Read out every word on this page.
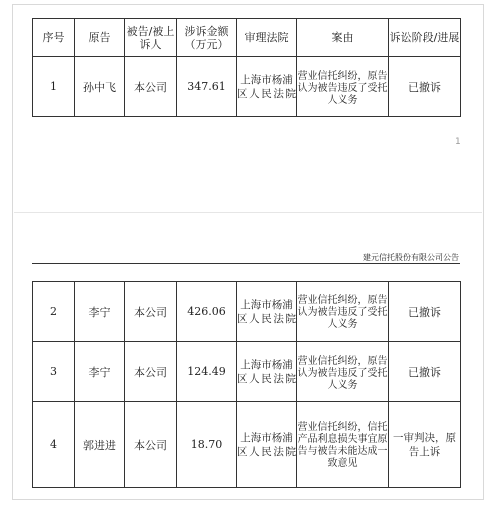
序号	原告	被告/被上诉人	涉诉金额（万元）	审理法院	案由	诉讼阶段/进展
1	孙中飞	本公司	347.61	上海市杨浦区人民法院	营业信托纠纷，原告认为被告违反了受托人义务	已撤诉
1
建元信托股份有限公司公告
2	李宁	本公司	426.06	上海市杨浦区人民法院	营业信托纠纷，原告认为被告违反了受托人义务	已撤诉
3	李宁	本公司	124.49	上海市杨浦区人民法院	营业信托纠纷，原告认为被告违反了受托人义务	已撤诉
4	郭进进	本公司	18.70	上海市杨浦区人民法院	营业信托纠纷，信托产品利息损失事宜原告与被告未能达成一致意见	一审判决，原告上诉
